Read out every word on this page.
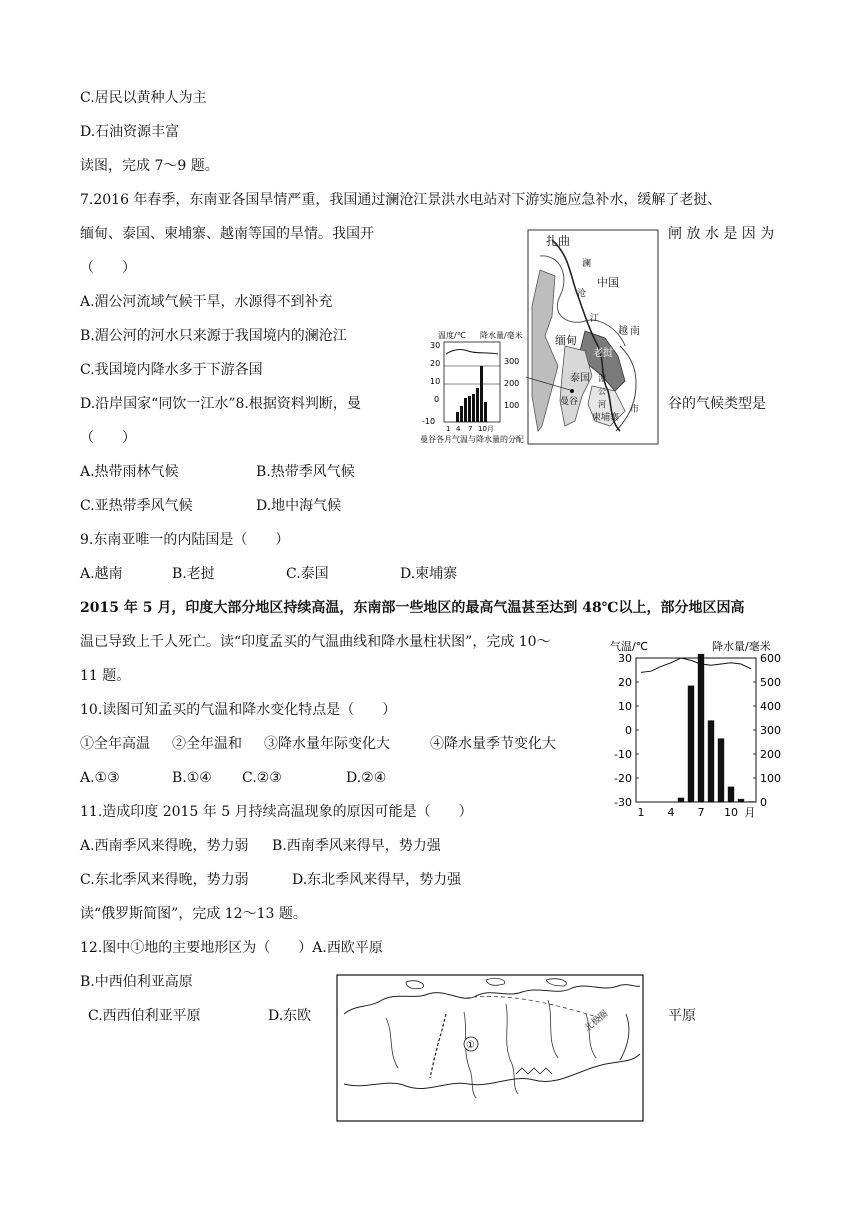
C.居民以黄种人为主
D.石油资源丰富
读图，完成 7～9 题。
7.2016 年春季，东南亚各国旱情严重，我国通过澜沧江景洪水电站对下游实施应急补水，缓解了老挝、
缅甸、泰国、柬埔寨、越南等国的旱情。我国开	闸 放 水 是 因 为
（　　）
A.湄公河流域气候干旱，水源得不到补充
B.湄公河的河水只来源于我国境内的澜沧江
C.我国境内降水多于下游各国
D.沿岸国家“同饮一江水”8.根据资料判断，曼	谷的气候类型是
（　　）
A.热带雨林气候	B.热带季风气候
C.亚热带季风气候	D.地中海气候
9.东南亚唯一的内陆国是（　　）
A.越南	B.老挝	C.泰国	D.柬埔寨
2015 年 5 月，印度大部分地区持续高温，东南部一些地区的最高气温甚至达到 48℃以上，部分地区因高
温已导致上千人死亡。读“印度孟买的气温曲线和降水量柱状图”，完成 10～
11 题。
10.读图可知孟买的气温和降水变化特点是（　　）
①全年高温 ②全年温和 ③降水量年际变化大	④降水量季节变化大
A.①③	B.①④ C.②③	D.②④
11.造成印度 2015 年 5 月持续高温现象的原因可能是（　　）
A.西南季风来得晚，势力弱 B.西南季风来得早，势力强
C.东北季风来得晚，势力弱	D.东北季风来得早，势力强
读“俄罗斯简图”，完成 12～13 题。
12.图中①地的主要地形区为（　　）A.西欧平原
B.中西伯利亚高原
C.西西伯利亚平原	D.东欧	平原
扎曲
澜
沧
江
中国
缅甸
越 南
老挝
泰国
曼谷
湄
公
河
柬埔寨
市
温度/℃ 降水量/毫米
30
20
10
0
-10
300
200
100
1 4 7 10月
曼谷各月气温与降水量的分配
气温/℃	降水量/毫米
30
20
10
0
-10
-20
-30
600
500
400
300
200
100
0
1 4 7 10 月
①
北极圈
